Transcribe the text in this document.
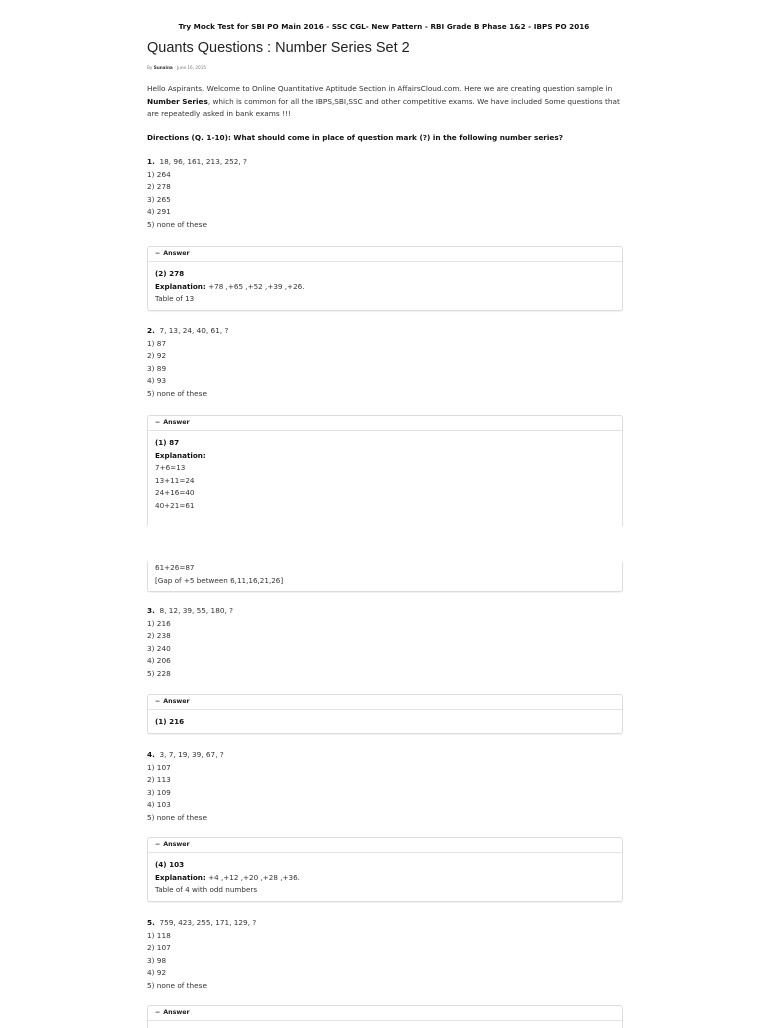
Try Mock Test for SBI PO Main 2016 - SSC CGL- New Pattern - RBI Grade B Phase 1&2 - IBPS PO 2016
Quants Questions : Number Series Set 2
By Sunaina - June 16, 2015
Hello Aspirants. Welcome to Online Quantitative Aptitude Section in AffairsCloud.com. Here we are creating question sample in Number Series, which is common for all the IBPS,SBI,SSC and other competitive exams. We have included Some questions that are repeatedly asked in bank exams !!!
Directions (Q. 1-10): What should come in place of question mark (?) in the following number series?
1. 18, 96, 161, 213, 252, ?
1) 264
2) 278
3) 265
4) 291
5) none of these
− Answer
(2) 278
Explanation: +78 ,+65 ,+52 ,+39 ,+26.
Table of 13
2. 7, 13, 24, 40, 61, ?
1) 87
2) 92
3) 89
4) 93
5) none of these
− Answer
(1) 87
Explanation:
7+6=13
13+11=24
24+16=40
40+21=61
61+26=87
[Gap of +5 between 6,11,16,21,26]
3. 8, 12, 39, 55, 180, ?
1) 216
2) 238
3) 240
4) 206
5) 228
− Answer
(1) 216
4. 3, 7, 19, 39, 67, ?
1) 107
2) 113
3) 109
4) 103
5) none of these
− Answer
(4) 103
Explanation: +4 ,+12 ,+20 ,+28 ,+36.
Table of 4 with odd numbers
5. 759, 423, 255, 171, 129, ?
1) 118
2) 107
3) 98
4) 92
5) none of these
− Answer
